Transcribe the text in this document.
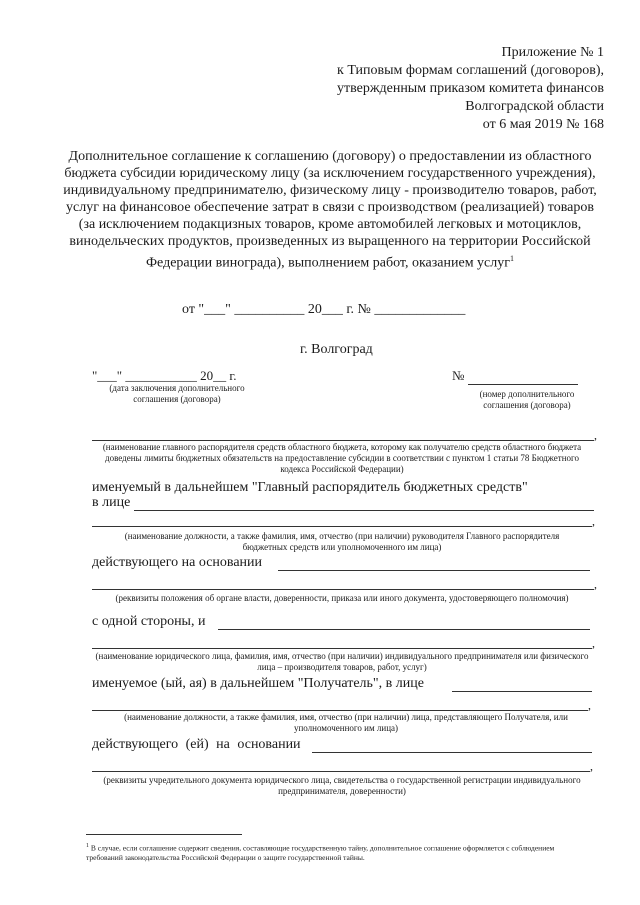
Приложение № 1
к Типовым формам соглашений (договоров),
утвержденным приказом комитета финансов
Волгоградской области
от 6 мая 2019 № 168
Дополнительное соглашение к соглашению (договору) о предоставлении из областного бюджета субсидии юридическому лицу (за исключением государственного учреждения), индивидуальному предпринимателю, физическому лицу - производителю товаров, работ, услуг на финансовое обеспечение затрат в связи с производством (реализацией) товаров (за исключением подакцизных товаров, кроме автомобилей легковых и мотоциклов, винодельческих продуктов, произведенных из выращенного на территории Российской Федерации винограда), выполнением работ, оказанием услуг$^1$
от "___" __________ 20___ г. № _____________
г. Волгоград
"___" ___________ 20__ г.
(дата заключения дополнительного соглашения (договора)
№
(номер дополнительного соглашения (договора)
,
(наименование главного распорядителя средств областного бюджета, которому как получателю средств областного бюджета доведены лимиты бюджетных обязательств на предоставление субсидии в соответствии с пунктом 1 статьи 78 Бюджетного кодекса Российской Федерации)
именуемый в дальнейшем "Главный распорядитель бюджетных средств"
в лице
,
(наименование должности, а также фамилия, имя, отчество (при наличии) руководителя Главного распорядителя бюджетных средств или уполномоченного им лица)
действующего на основании
,
(реквизиты положения об органе власти, доверенности, приказа или иного документа, удостоверяющего полномочия)
с одной стороны, и
,
(наименование юридического лица, фамилия, имя, отчество (при наличии) индивидуального предпринимателя или физического лица – производителя товаров, работ, услуг)
именуемое (ый, ая) в дальнейшем "Получатель", в лице
,
(наименование должности, а также фамилия, имя, отчество (при наличии) лица, представляющего Получателя, или уполномоченного им лица)
действующего (ей) на основании
,
(реквизиты учредительного документа юридического лица, свидетельства о государственной регистрации индивидуального предпринимателя, доверенности)
$^1$ В случае, если соглашение содержит сведения, составляющие государственную тайну, дополнительное соглашение оформляется с соблюдением требований законодательства Российской Федерации о защите государственной тайны.
